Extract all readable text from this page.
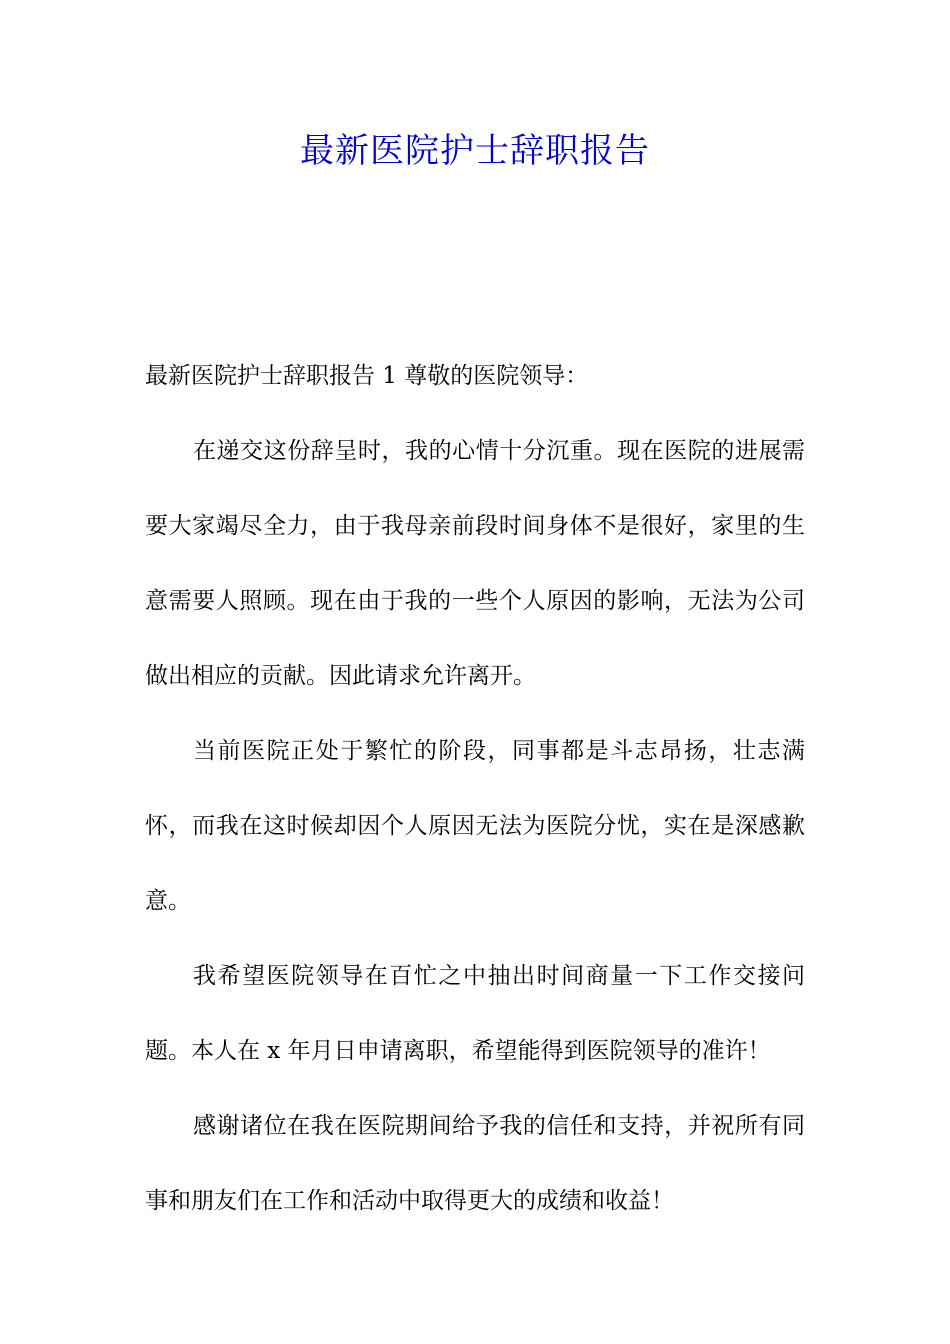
最新医院护士辞职报告

最新医院护士辞职报告 1 尊敬的医院领导：

在递交这份辞呈时，我的心情十分沉重。现在医院的进展需要大家竭尽全力，由于我母亲前段时间身体不是很好，家里的生意需要人照顾。现在由于我的一些个人原因的影响，无法为公司做出相应的贡献。因此请求允许离开。

当前医院正处于繁忙的阶段，同事都是斗志昂扬，壮志满怀，而我在这时候却因个人原因无法为医院分忧，实在是深感歉意。

我希望医院领导在百忙之中抽出时间商量一下工作交接问题。本人在 x 年月日申请离职，希望能得到医院领导的准许！

感谢诸位在我在医院期间给予我的信任和支持，并祝所有同事和朋友们在工作和活动中取得更大的成绩和收益！
